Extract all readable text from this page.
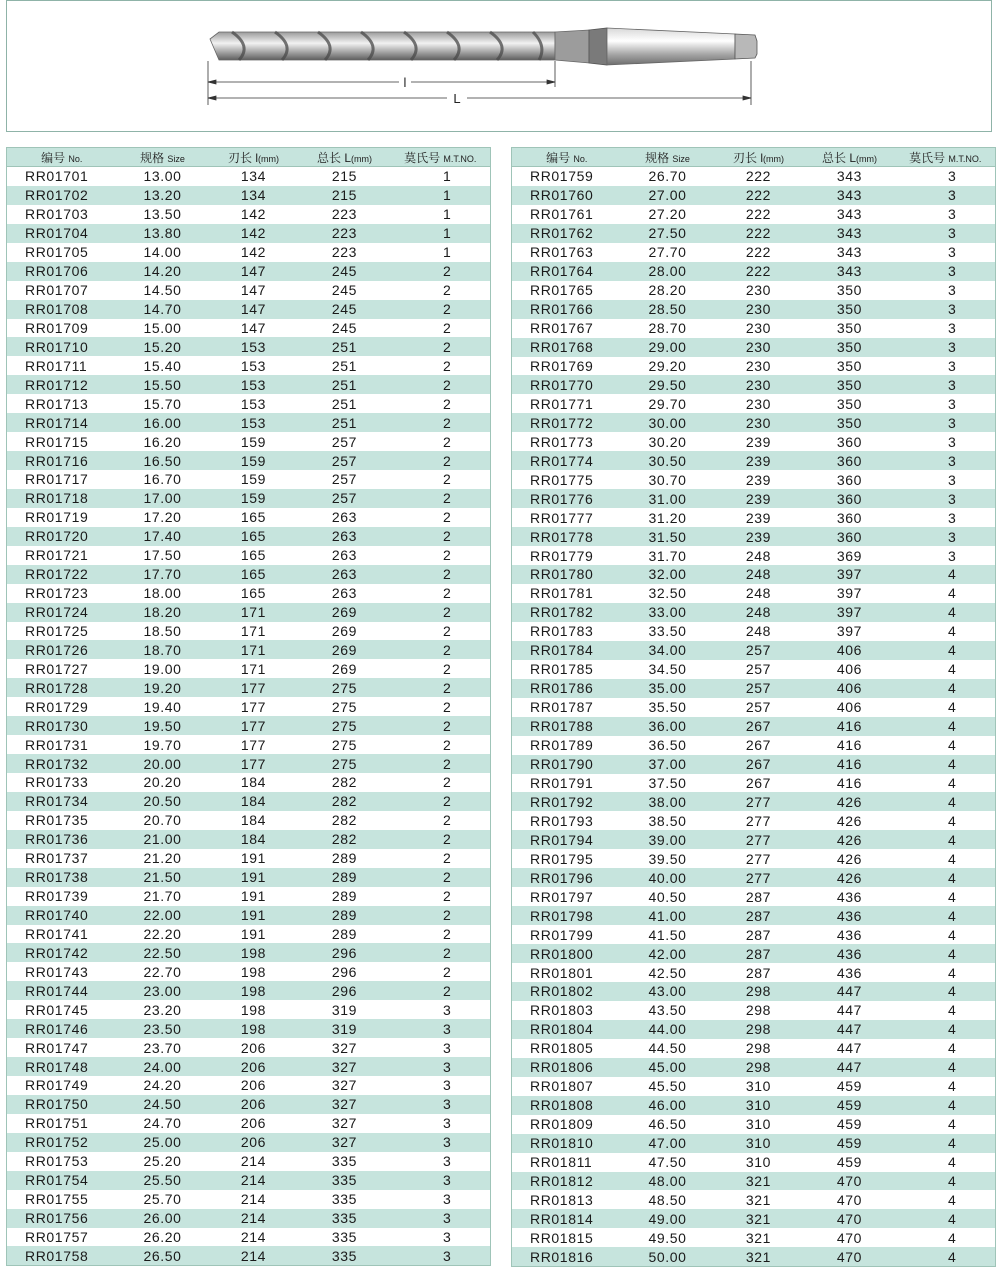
l
L
编号 No.	规格 Size	刃长 l(mm)	总长 L(mm)	莫氏号 M.T.NO.
RR01701	13.00	134	215	1
RR01702	13.20	134	215	1
RR01703	13.50	142	223	1
RR01704	13.80	142	223	1
RR01705	14.00	142	223	1
RR01706	14.20	147	245	2
RR01707	14.50	147	245	2
RR01708	14.70	147	245	2
RR01709	15.00	147	245	2
RR01710	15.20	153	251	2
RR01711	15.40	153	251	2
RR01712	15.50	153	251	2
RR01713	15.70	153	251	2
RR01714	16.00	153	251	2
RR01715	16.20	159	257	2
RR01716	16.50	159	257	2
RR01717	16.70	159	257	2
RR01718	17.00	159	257	2
RR01719	17.20	165	263	2
RR01720	17.40	165	263	2
RR01721	17.50	165	263	2
RR01722	17.70	165	263	2
RR01723	18.00	165	263	2
RR01724	18.20	171	269	2
RR01725	18.50	171	269	2
RR01726	18.70	171	269	2
RR01727	19.00	171	269	2
RR01728	19.20	177	275	2
RR01729	19.40	177	275	2
RR01730	19.50	177	275	2
RR01731	19.70	177	275	2
RR01732	20.00	177	275	2
RR01733	20.20	184	282	2
RR01734	20.50	184	282	2
RR01735	20.70	184	282	2
RR01736	21.00	184	282	2
RR01737	21.20	191	289	2
RR01738	21.50	191	289	2
RR01739	21.70	191	289	2
RR01740	22.00	191	289	2
RR01741	22.20	191	289	2
RR01742	22.50	198	296	2
RR01743	22.70	198	296	2
RR01744	23.00	198	296	2
RR01745	23.20	198	319	3
RR01746	23.50	198	319	3
RR01747	23.70	206	327	3
RR01748	24.00	206	327	3
RR01749	24.20	206	327	3
RR01750	24.50	206	327	3
RR01751	24.70	206	327	3
RR01752	25.00	206	327	3
RR01753	25.20	214	335	3
RR01754	25.50	214	335	3
RR01755	25.70	214	335	3
RR01756	26.00	214	335	3
RR01757	26.20	214	335	3
RR01758	26.50	214	335	3
编号 No.	规格 Size	刃长 l(mm)	总长 L(mm)	莫氏号 M.T.NO.
RR01759	26.70	222	343	3
RR01760	27.00	222	343	3
RR01761	27.20	222	343	3
RR01762	27.50	222	343	3
RR01763	27.70	222	343	3
RR01764	28.00	222	343	3
RR01765	28.20	230	350	3
RR01766	28.50	230	350	3
RR01767	28.70	230	350	3
RR01768	29.00	230	350	3
RR01769	29.20	230	350	3
RR01770	29.50	230	350	3
RR01771	29.70	230	350	3
RR01772	30.00	230	350	3
RR01773	30.20	239	360	3
RR01774	30.50	239	360	3
RR01775	30.70	239	360	3
RR01776	31.00	239	360	3
RR01777	31.20	239	360	3
RR01778	31.50	239	360	3
RR01779	31.70	248	369	3
RR01780	32.00	248	397	4
RR01781	32.50	248	397	4
RR01782	33.00	248	397	4
RR01783	33.50	248	397	4
RR01784	34.00	257	406	4
RR01785	34.50	257	406	4
RR01786	35.00	257	406	4
RR01787	35.50	257	406	4
RR01788	36.00	267	416	4
RR01789	36.50	267	416	4
RR01790	37.00	267	416	4
RR01791	37.50	267	416	4
RR01792	38.00	277	426	4
RR01793	38.50	277	426	4
RR01794	39.00	277	426	4
RR01795	39.50	277	426	4
RR01796	40.00	277	426	4
RR01797	40.50	287	436	4
RR01798	41.00	287	436	4
RR01799	41.50	287	436	4
RR01800	42.00	287	436	4
RR01801	42.50	287	436	4
RR01802	43.00	298	447	4
RR01803	43.50	298	447	4
RR01804	44.00	298	447	4
RR01805	44.50	298	447	4
RR01806	45.00	298	447	4
RR01807	45.50	310	459	4
RR01808	46.00	310	459	4
RR01809	46.50	310	459	4
RR01810	47.00	310	459	4
RR01811	47.50	310	459	4
RR01812	48.00	321	470	4
RR01813	48.50	321	470	4
RR01814	49.00	321	470	4
RR01815	49.50	321	470	4
RR01816	50.00	321	470	4
